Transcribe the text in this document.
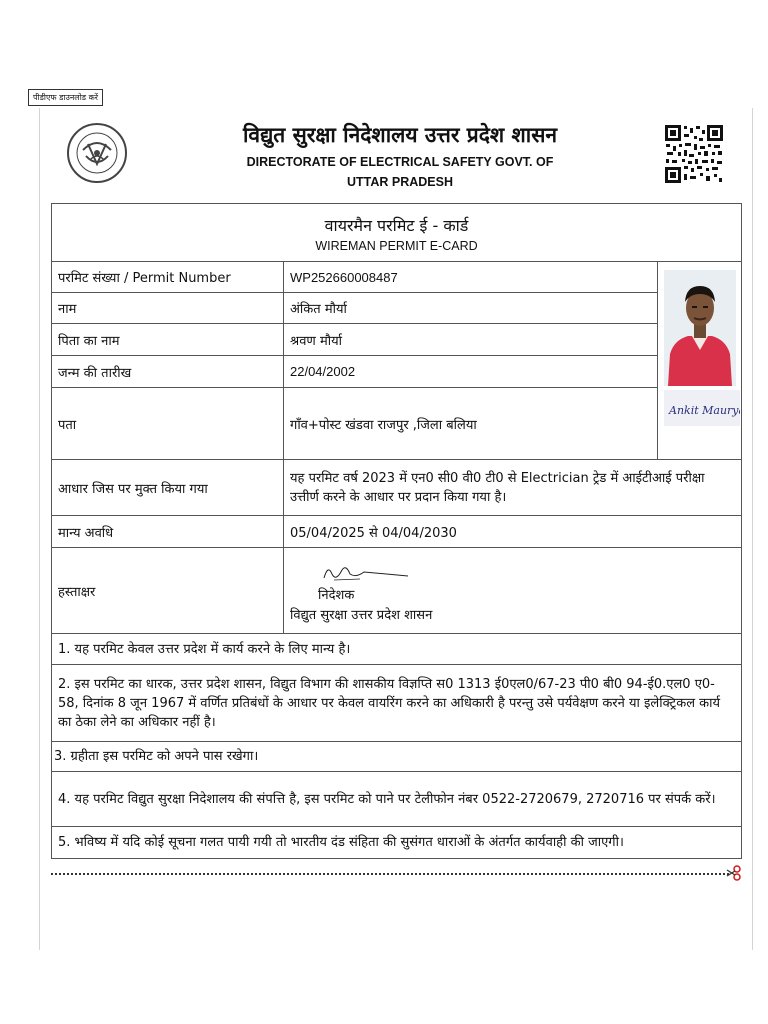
पीडीएफ डाउनलोड करें
विद्युत सुरक्षा निदेशालय उत्तर प्रदेश शासन
DIRECTORATE OF ELECTRICAL SAFETY GOVT. OF
UTTAR PRADESH
वायरमैन परमिट ई - कार्ड
WIREMAN PERMIT E-CARD		

परमिट संख्या / Permit Number	WP252660008487	Ankit Maurya

नाम	अंकित मौर्या	
पिता का नाम	श्रवण मौर्या	
जन्म की तारीख	22/04/2002	
पता	गाँव+पोस्ट खंडवा राजपुर ,जिला बलिया	
आधार जिस पर मुक्त किया गया	यह परमिट वर्ष 2023 में एन0 सी0 वी0 टी0 से Electrician ट्रेड में आईटीआई परीक्षा उत्तीर्ण करने के आधार पर प्रदान किया गया है।	
मान्य अवधि	05/04/2025 से 04/04/2030	
हस्ताक्षर	निदेशक
विद्युत सुरक्षा उत्तर प्रदेश शासन	

1. यह परमिट केवल उत्तर प्रदेश में कार्य करने के लिए मान्य है।		
2. इस परमिट का धारक, उत्तर प्रदेश शासन, विद्युत विभाग की शासकीय विज्ञप्ति स0 1313 ई0एल0/67-23 पी0 बी0 94-ई0.एल0 ए0-58, दिनांक 8 जून 1967 में वर्णित प्रतिबंधों के आधार पर केवल वायरिंग करने का अधिकारी है परन्तु उसे पर्यवेक्षण करने या इलेक्ट्रिकल कार्य का ठेका लेने का अधिकार नहीं है।		
3. ग्रहीता इस परमिट को अपने पास रखेगा।		
4. यह परमिट विद्युत सुरक्षा निदेशालय की संपत्ति है, इस परमिट को पाने पर टेलीफोन नंबर 0522-2720679, 2720716 पर संपर्क करें।		
5. भविष्य में यदि कोई सूचना गलत पायी गयी तो भारतीय दंड संहिता की सुसंगत धाराओं के अंतर्गत कार्यवाही की जाएगी।		
